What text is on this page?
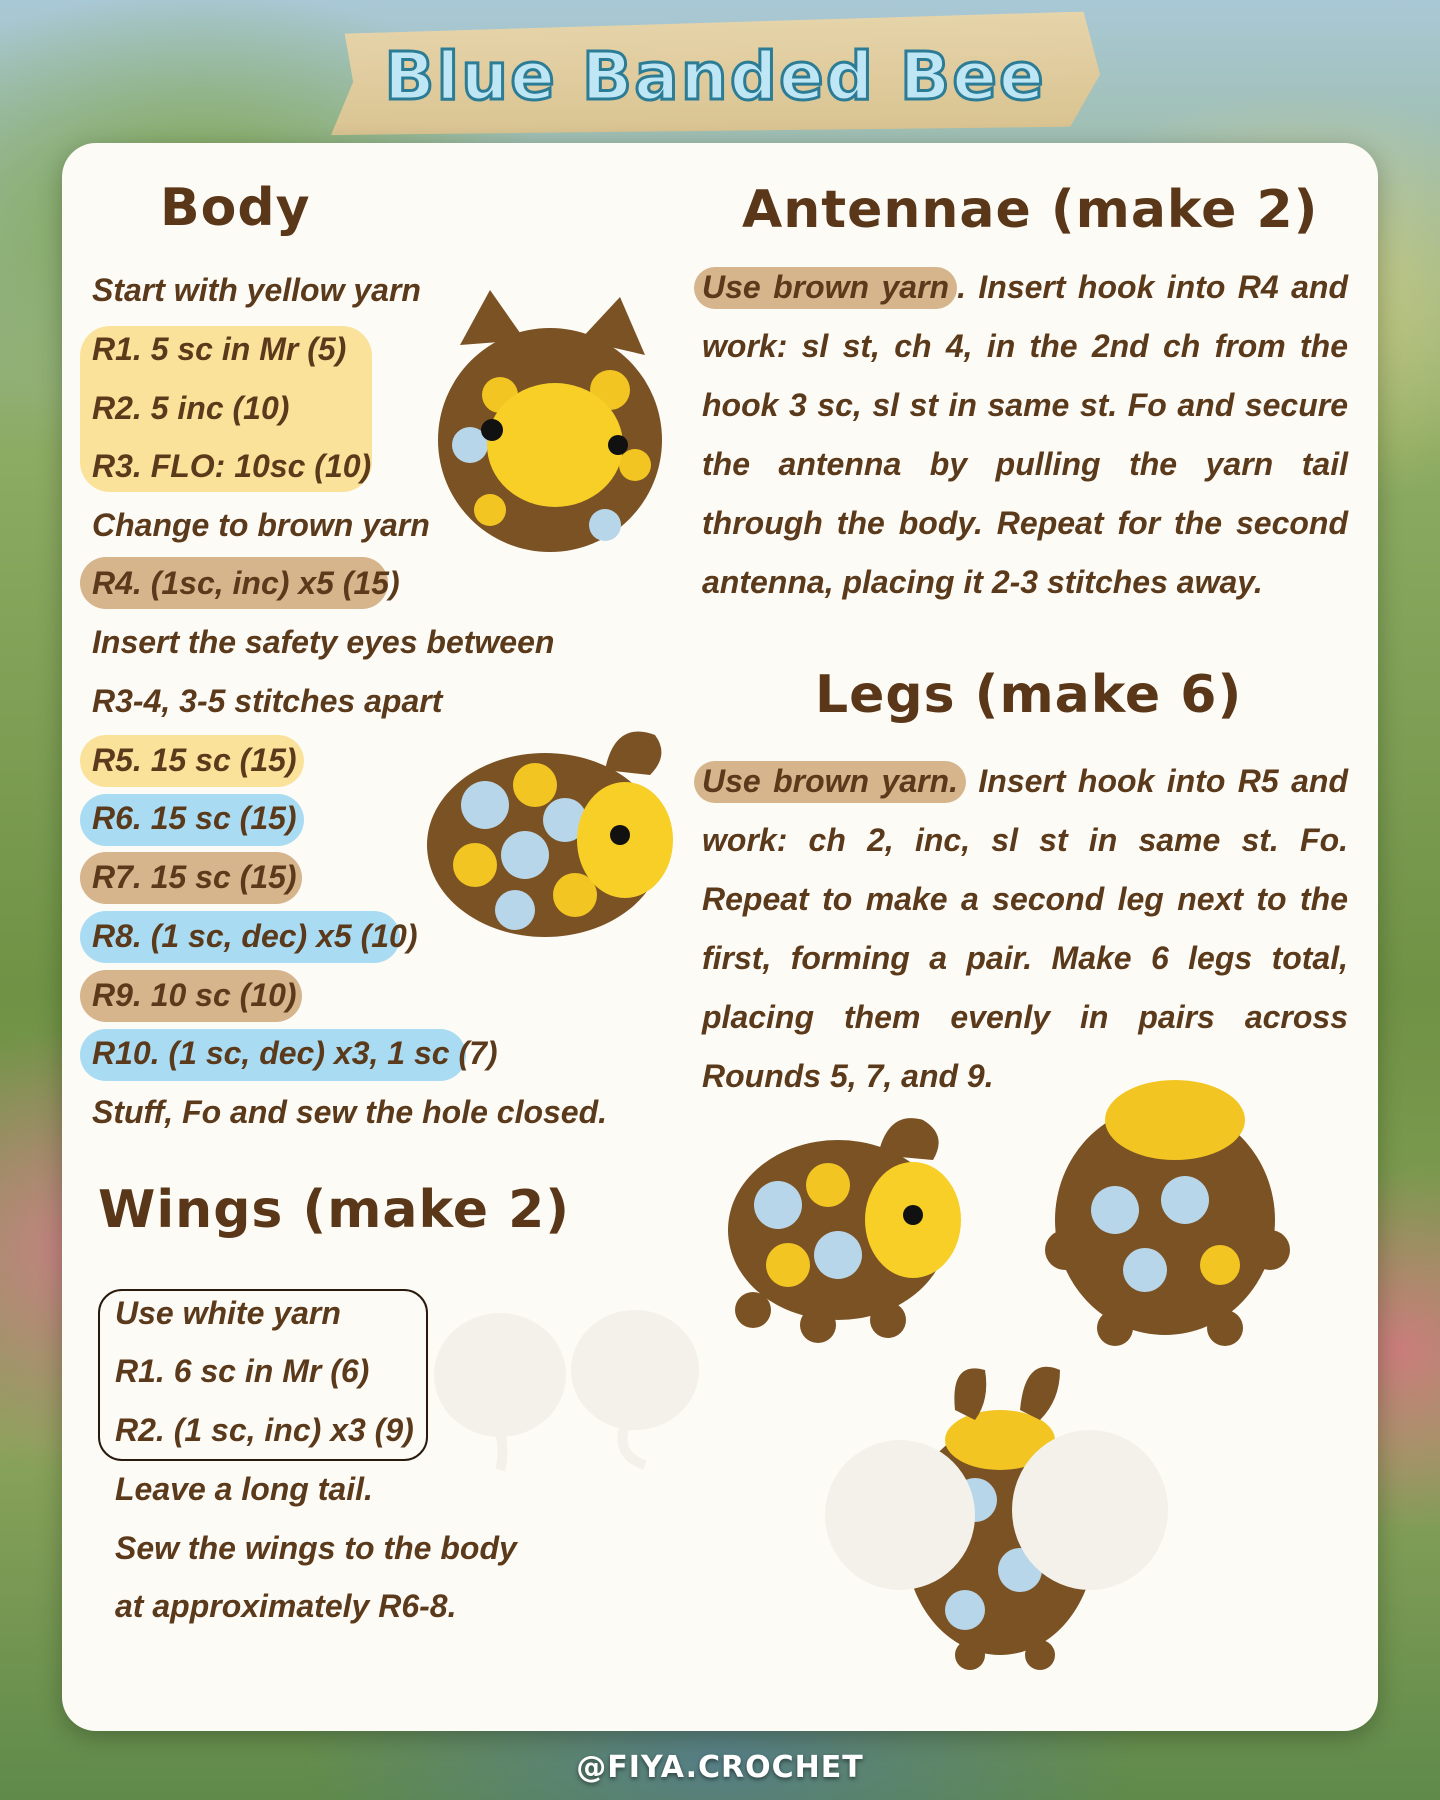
Blue Banded Bee
Body
Start with yellow yarn
R1. 5 sc in Mr (5)
R2. 5 inc (10)
R3. FLO: 10sc (10)
Change to brown yarn
R4. (1sc, inc) x5 (15)
Insert the safety eyes between
R3-4, 3-5 stitches apart
R5. 15 sc (15)
R6. 15 sc (15)
R7. 15 sc (15)
R8. (1 sc, dec) x5 (10)
R9. 10 sc (10)
R10. (1 sc, dec) x3, 1 sc (7)
Stuff, Fo and sew the hole closed.
Wings (make 2)
Use white yarn
R1. 6 sc in Mr (6)
R2. (1 sc, inc) x3 (9)
Leave a long tail.
Sew the wings to the body
at approximately R6-8.
Antennae (make 2)
Use brown yarn . Insert hook into R4 and work: sl st, ch 4, in the 2nd ch from the hook 3 sc, sl st in same st. Fo and secure the antenna by pulling the yarn tail through the body. Repeat for the second antenna, placing it 2-3 stitches away.
Legs (make 6)
Use brown yarn. Insert hook into R5 and work: ch 2, inc, sl st in same st. Fo. Repeat to make a second leg next to the first, forming a pair. Make 6 legs total, placing them evenly in pairs across Rounds 5, 7, and 9.
@FIYA.CROCHET
